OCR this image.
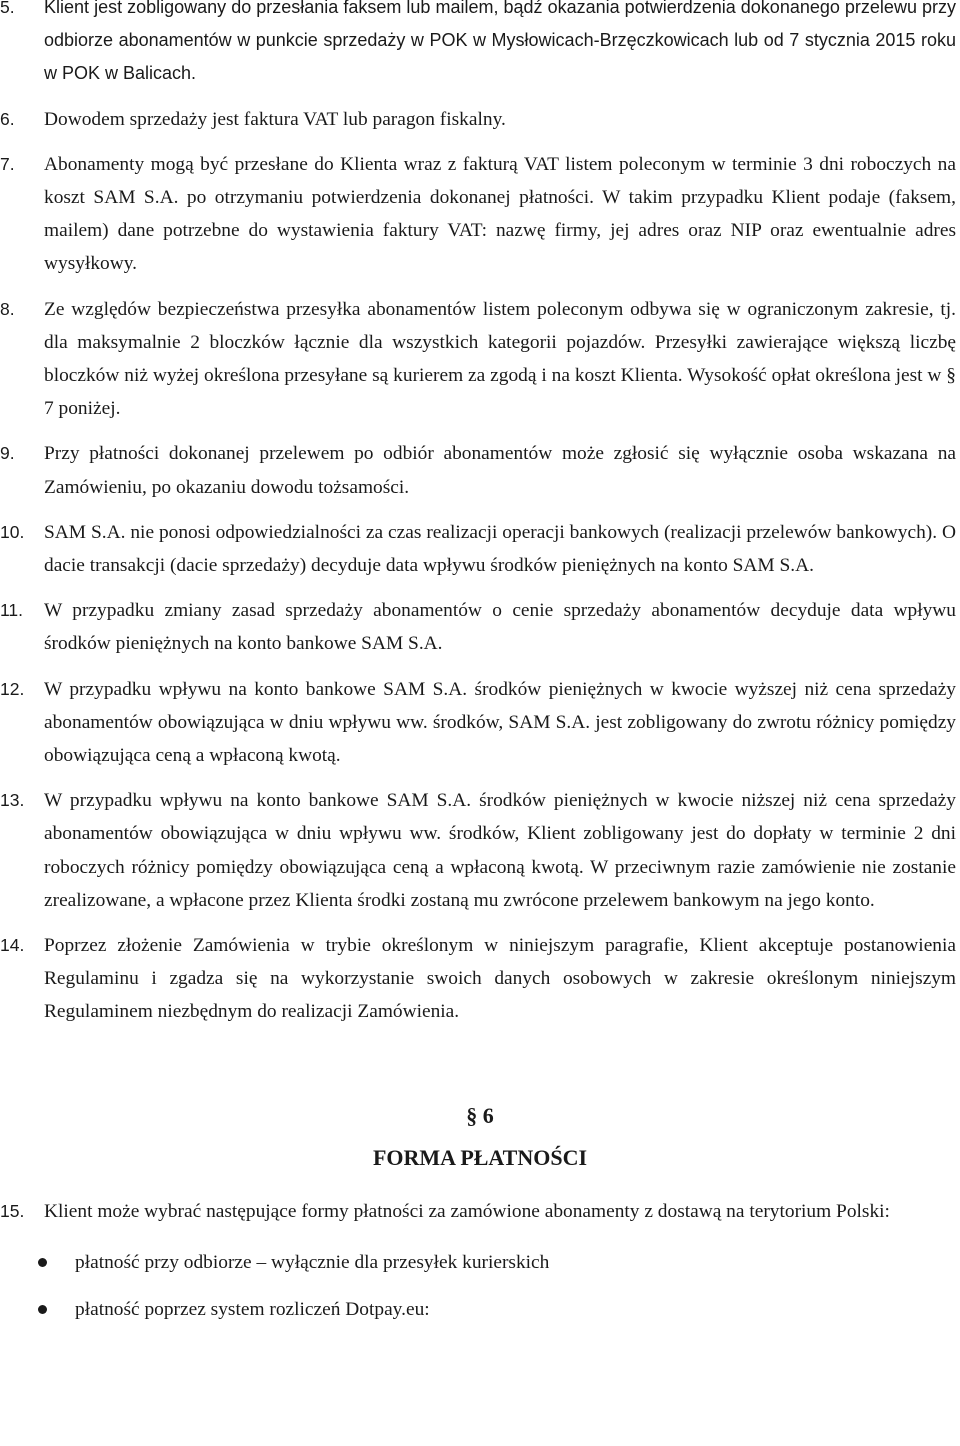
5. Klient jest zobligowany do przesłania faksem lub mailem, bądź okazania potwierdzenia dokonanego przelewu przy odbiorze abonamentów w punkcie sprzedaży w POK w Mysłowicach-Brzęczkowicach lub od 7 stycznia 2015 roku w POK w Balicach.

6. Dowodem sprzedaży jest faktura VAT lub paragon fiskalny.

7. Abonamenty mogą być przesłane do Klienta wraz z fakturą VAT listem poleconym w terminie 3 dni roboczych na koszt SAM S.A. po otrzymaniu potwierdzenia dokonanej płatności. W takim przypadku Klient podaje (faksem, mailem) dane potrzebne do wystawienia faktury VAT: nazwę firmy, jej adres oraz NIP oraz ewentualnie adres wysyłkowy.

8. Ze względów bezpieczeństwa przesyłka abonamentów listem poleconym odbywa się w ograniczonym zakresie, tj. dla maksymalnie 2 bloczków łącznie dla wszystkich kategorii pojazdów. Przesyłki zawierające większą liczbę bloczków niż wyżej określona przesyłane są kurierem za zgodą i na koszt Klienta. Wysokość opłat określona jest w § 7 poniżej.

9. Przy płatności dokonanej przelewem po odbiór abonamentów może zgłosić się wyłącznie osoba wskazana na Zamówieniu, po okazaniu dowodu tożsamości.

10. SAM S.A. nie ponosi odpowiedzialności za czas realizacji operacji bankowych (realizacji przelewów bankowych). O dacie transakcji (dacie sprzedaży) decyduje data wpływu środków pieniężnych na konto SAM S.A.

11. W przypadku zmiany zasad sprzedaży abonamentów o cenie sprzedaży abonamentów decyduje data wpływu środków pieniężnych na konto bankowe SAM S.A.

12. W przypadku wpływu na konto bankowe SAM S.A. środków pieniężnych w kwocie wyższej niż cena sprzedaży abonamentów obowiązująca w dniu wpływu ww. środków, SAM S.A. jest zobligowany do zwrotu różnicy pomiędzy obowiązująca ceną a wpłaconą kwotą.

13. W przypadku wpływu na konto bankowe SAM S.A. środków pieniężnych w kwocie niższej niż cena sprzedaży abonamentów obowiązująca w dniu wpływu ww. środków, Klient zobligowany jest do dopłaty w terminie 2 dni roboczych różnicy pomiędzy obowiązująca ceną a wpłaconą kwotą. W przeciwnym razie zamówienie nie zostanie zrealizowane, a wpłacone przez Klienta środki zostaną mu zwrócone przelewem bankowym na jego konto.

14. Poprzez złożenie Zamówienia w trybie określonym w niniejszym paragrafie, Klient akceptuje postanowienia Regulaminu i zgadza się na wykorzystanie swoich danych osobowych w zakresie określonym niniejszym Regulaminem niezbędnym do realizacji Zamówienia.

§ 6
FORMA PŁATNOŚCI

15. Klient może wybrać następujące formy płatności za zamówione abonamenty z dostawą na terytorium Polski:

płatność przy odbiorze – wyłącznie dla przesyłek kurierskich
płatność poprzez system rozliczeń Dotpay.eu:
